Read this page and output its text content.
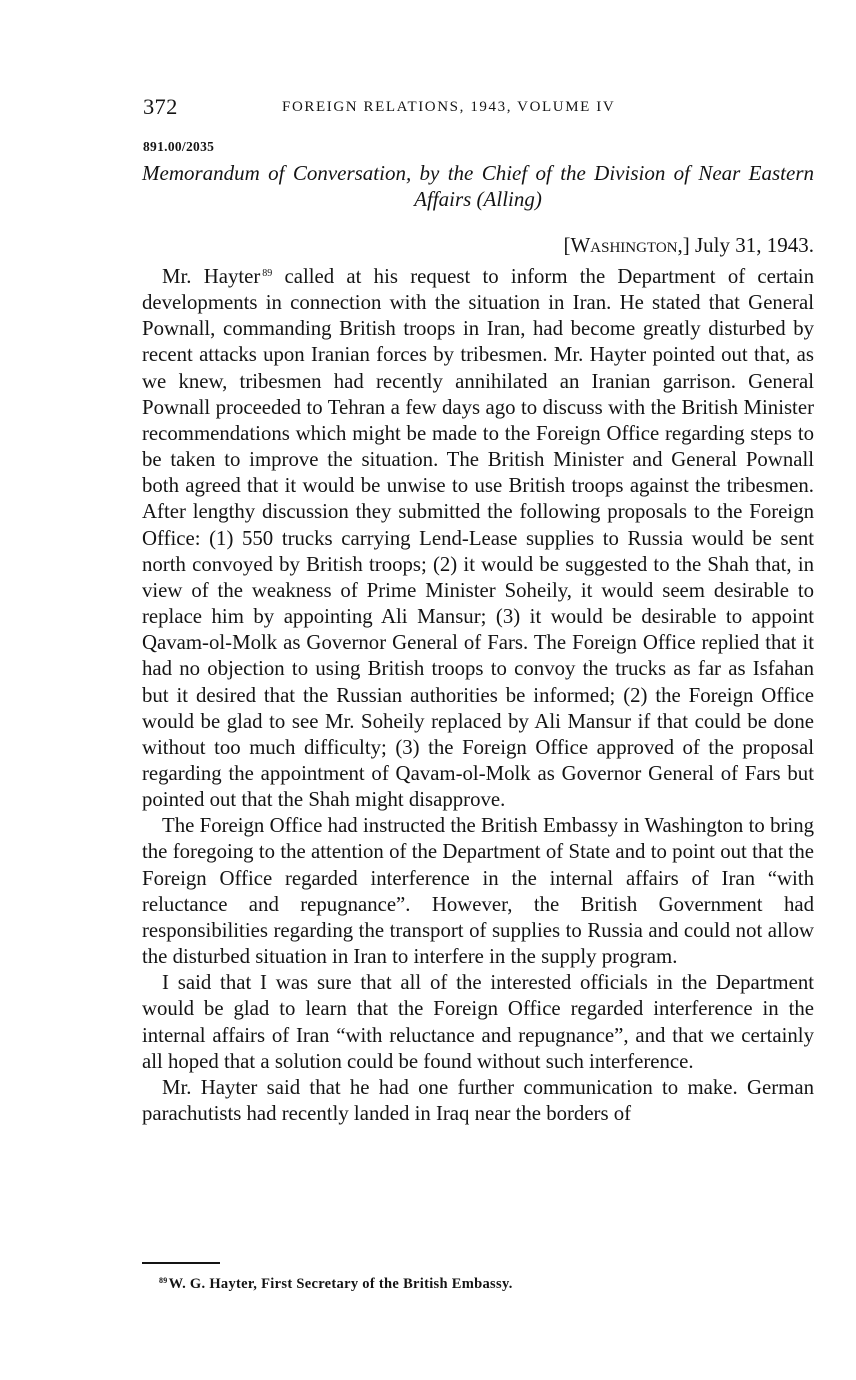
372	FOREIGN RELATIONS, 1943, VOLUME IV
891.00/2035
Memorandum of Conversation, by the Chief of the Division of Near Eastern Affairs (Alling)
[Washington,] July 31, 1943.

Mr. Hayter $^{89}$ called at his request to inform the Department of certain developments in connection with the situation in Iran. He stated that General Pownall, commanding British troops in Iran, had become greatly disturbed by recent attacks upon Iranian forces by tribesmen. Mr. Hayter pointed out that, as we knew, tribesmen had recently annihilated an Iranian garrison. General Pownall proceeded to Tehran a few days ago to discuss with the British Minister recommendations which might be made to the Foreign Office regarding steps to be taken to improve the situation. The British Minister and General Pownall both agreed that it would be unwise to use British troops against the tribesmen. After lengthy discussion they submitted the following proposals to the Foreign Office: (1) 550 trucks carrying Lend-Lease supplies to Russia would be sent north convoyed by British troops; (2) it would be suggested to the Shah that, in view of the weakness of Prime Minister Soheily, it would seem desirable to replace him by appointing Ali Mansur; (3) it would be desirable to appoint Qavam-ol-Molk as Governor General of Fars. The Foreign Office replied that it had no objection to using British troops to convoy the trucks as far as Isfahan but it desired that the Russian authorities be informed; (2) the Foreign Office would be glad to see Mr. Soheily replaced by Ali Mansur if that could be done without too much difficulty; (3) the Foreign Office approved of the proposal regarding the appointment of Qavam-ol-Molk as Governor General of Fars but pointed out that the Shah might disapprove.

The Foreign Office had instructed the British Embassy in Washington to bring the foregoing to the attention of the Department of State and to point out that the Foreign Office regarded interference in the internal affairs of Iran “with reluctance and repugnance”. However, the British Government had responsibilities regarding the transport of supplies to Russia and could not allow the disturbed situation in Iran to interfere in the supply program.

I said that I was sure that all of the interested officials in the Department would be glad to learn that the Foreign Office regarded interference in the internal affairs of Iran “with reluctance and repugnance”, and that we certainly all hoped that a solution could be found without such interference.

Mr. Hayter said that he had one further communication to make. German parachutists had recently landed in Iraq near the borders of

$^{89}$W. G. Hayter, First Secretary of the British Embassy.
